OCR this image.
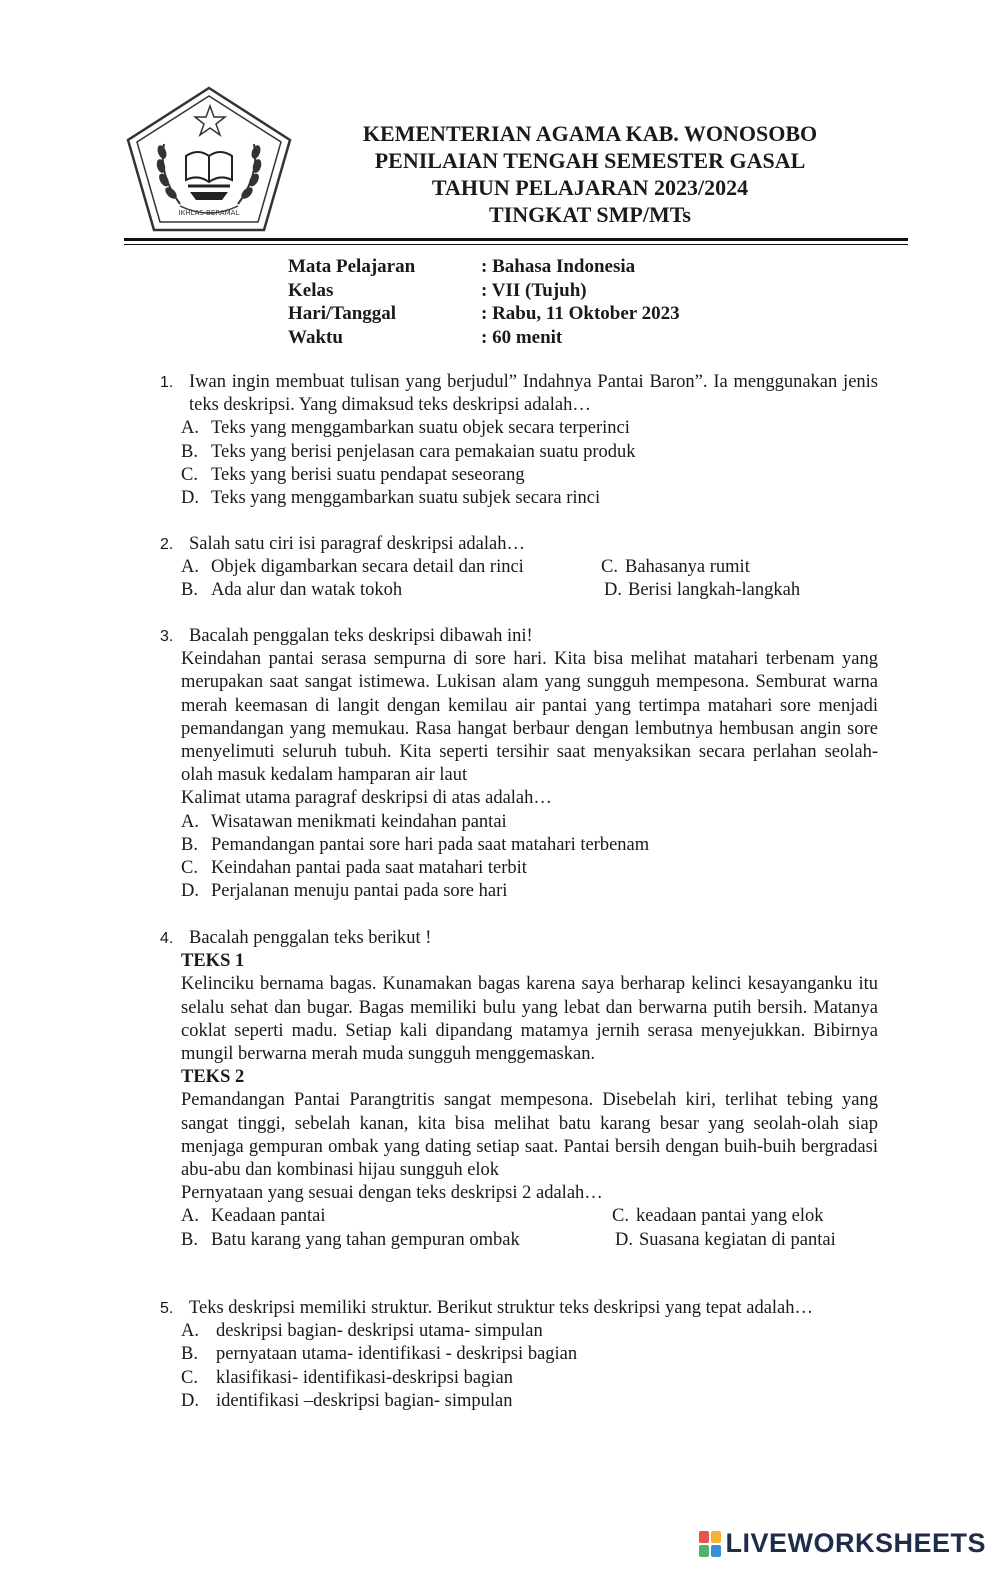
IKHLAS BERAMAL
KEMENTERIAN AGAMA KAB. WONOSOBO
PENILAIAN TENGAH SEMESTER GASAL
TAHUN PELAJARAN 2023/2024
TINGKAT SMP/MTs
Mata Pelajaran	: Bahasa Indonesia
Kelas	: VII (Tujuh)
Hari/Tanggal	: Rabu, 11 Oktober 2023
Waktu	: 60 menit
1. Iwan ingin membuat tulisan yang berjudul” Indahnya Pantai Baron”. Ia menggunakan jenis teks deskripsi. Yang dimaksud teks deskripsi adalah…
A. Teks yang menggambarkan suatu objek secara terperinci
B. Teks yang berisi penjelasan cara pemakaian suatu produk
C. Teks yang berisi suatu pendapat seseorang
D. Teks yang menggambarkan suatu subjek secara rinci
2. Salah satu ciri isi paragraf deskripsi adalah…
A. Objek digambarkan secara detail dan rinci	C. Bahasanya rumit
B. Ada alur dan watak tokoh	D. Berisi langkah-langkah
3. Bacalah penggalan teks deskripsi dibawah ini!
Keindahan pantai serasa sempurna di sore hari. Kita bisa melihat matahari terbenam yang merupakan saat sangat istimewa. Lukisan alam yang sungguh mempesona. Semburat warna merah keemasan di langit dengan kemilau air pantai yang tertimpa matahari sore menjadi pemandangan yang memukau. Rasa hangat berbaur dengan lembutnya hembusan angin sore menyelimuti seluruh tubuh. Kita seperti tersihir saat menyaksikan secara perlahan seolah- olah masuk kedalam hamparan air laut
Kalimat utama paragraf deskripsi di atas adalah…
A. Wisatawan menikmati keindahan pantai
B. Pemandangan pantai sore hari pada saat matahari terbenam
C. Keindahan pantai pada saat matahari terbit
D. Perjalanan menuju pantai pada sore hari
4. Bacalah penggalan teks berikut !
TEKS 1
Kelinciku bernama bagas. Kunamakan bagas karena saya berharap kelinci kesayanganku itu selalu sehat dan bugar. Bagas memiliki bulu yang lebat dan berwarna putih bersih. Matanya coklat seperti madu. Setiap kali dipandang matamya jernih serasa menyejukkan. Bibirnya mungil berwarna merah muda sungguh menggemaskan.
TEKS 2
Pemandangan Pantai Parangtritis sangat mempesona. Disebelah kiri, terlihat tebing yang sangat tinggi, sebelah kanan, kita bisa melihat batu karang besar yang seolah-olah siap menjaga gempuran ombak yang dating setiap saat. Pantai bersih dengan buih-buih bergradasi abu-abu dan kombinasi hijau sungguh elok
Pernyataan yang sesuai dengan teks deskripsi 2 adalah…
A. Keadaan pantai	C. keadaan pantai yang elok
B. Batu karang yang tahan gempuran ombak	D. Suasana kegiatan di pantai
5. Teks deskripsi memiliki struktur. Berikut struktur teks deskripsi yang tepat adalah…
A. deskripsi bagian- deskripsi utama- simpulan
B. pernyataan utama- identifikasi - deskripsi bagian
C. klasifikasi- identifikasi-deskripsi bagian
D. identifikasi –deskripsi bagian- simpulan
LIVEWORKSHEETS
